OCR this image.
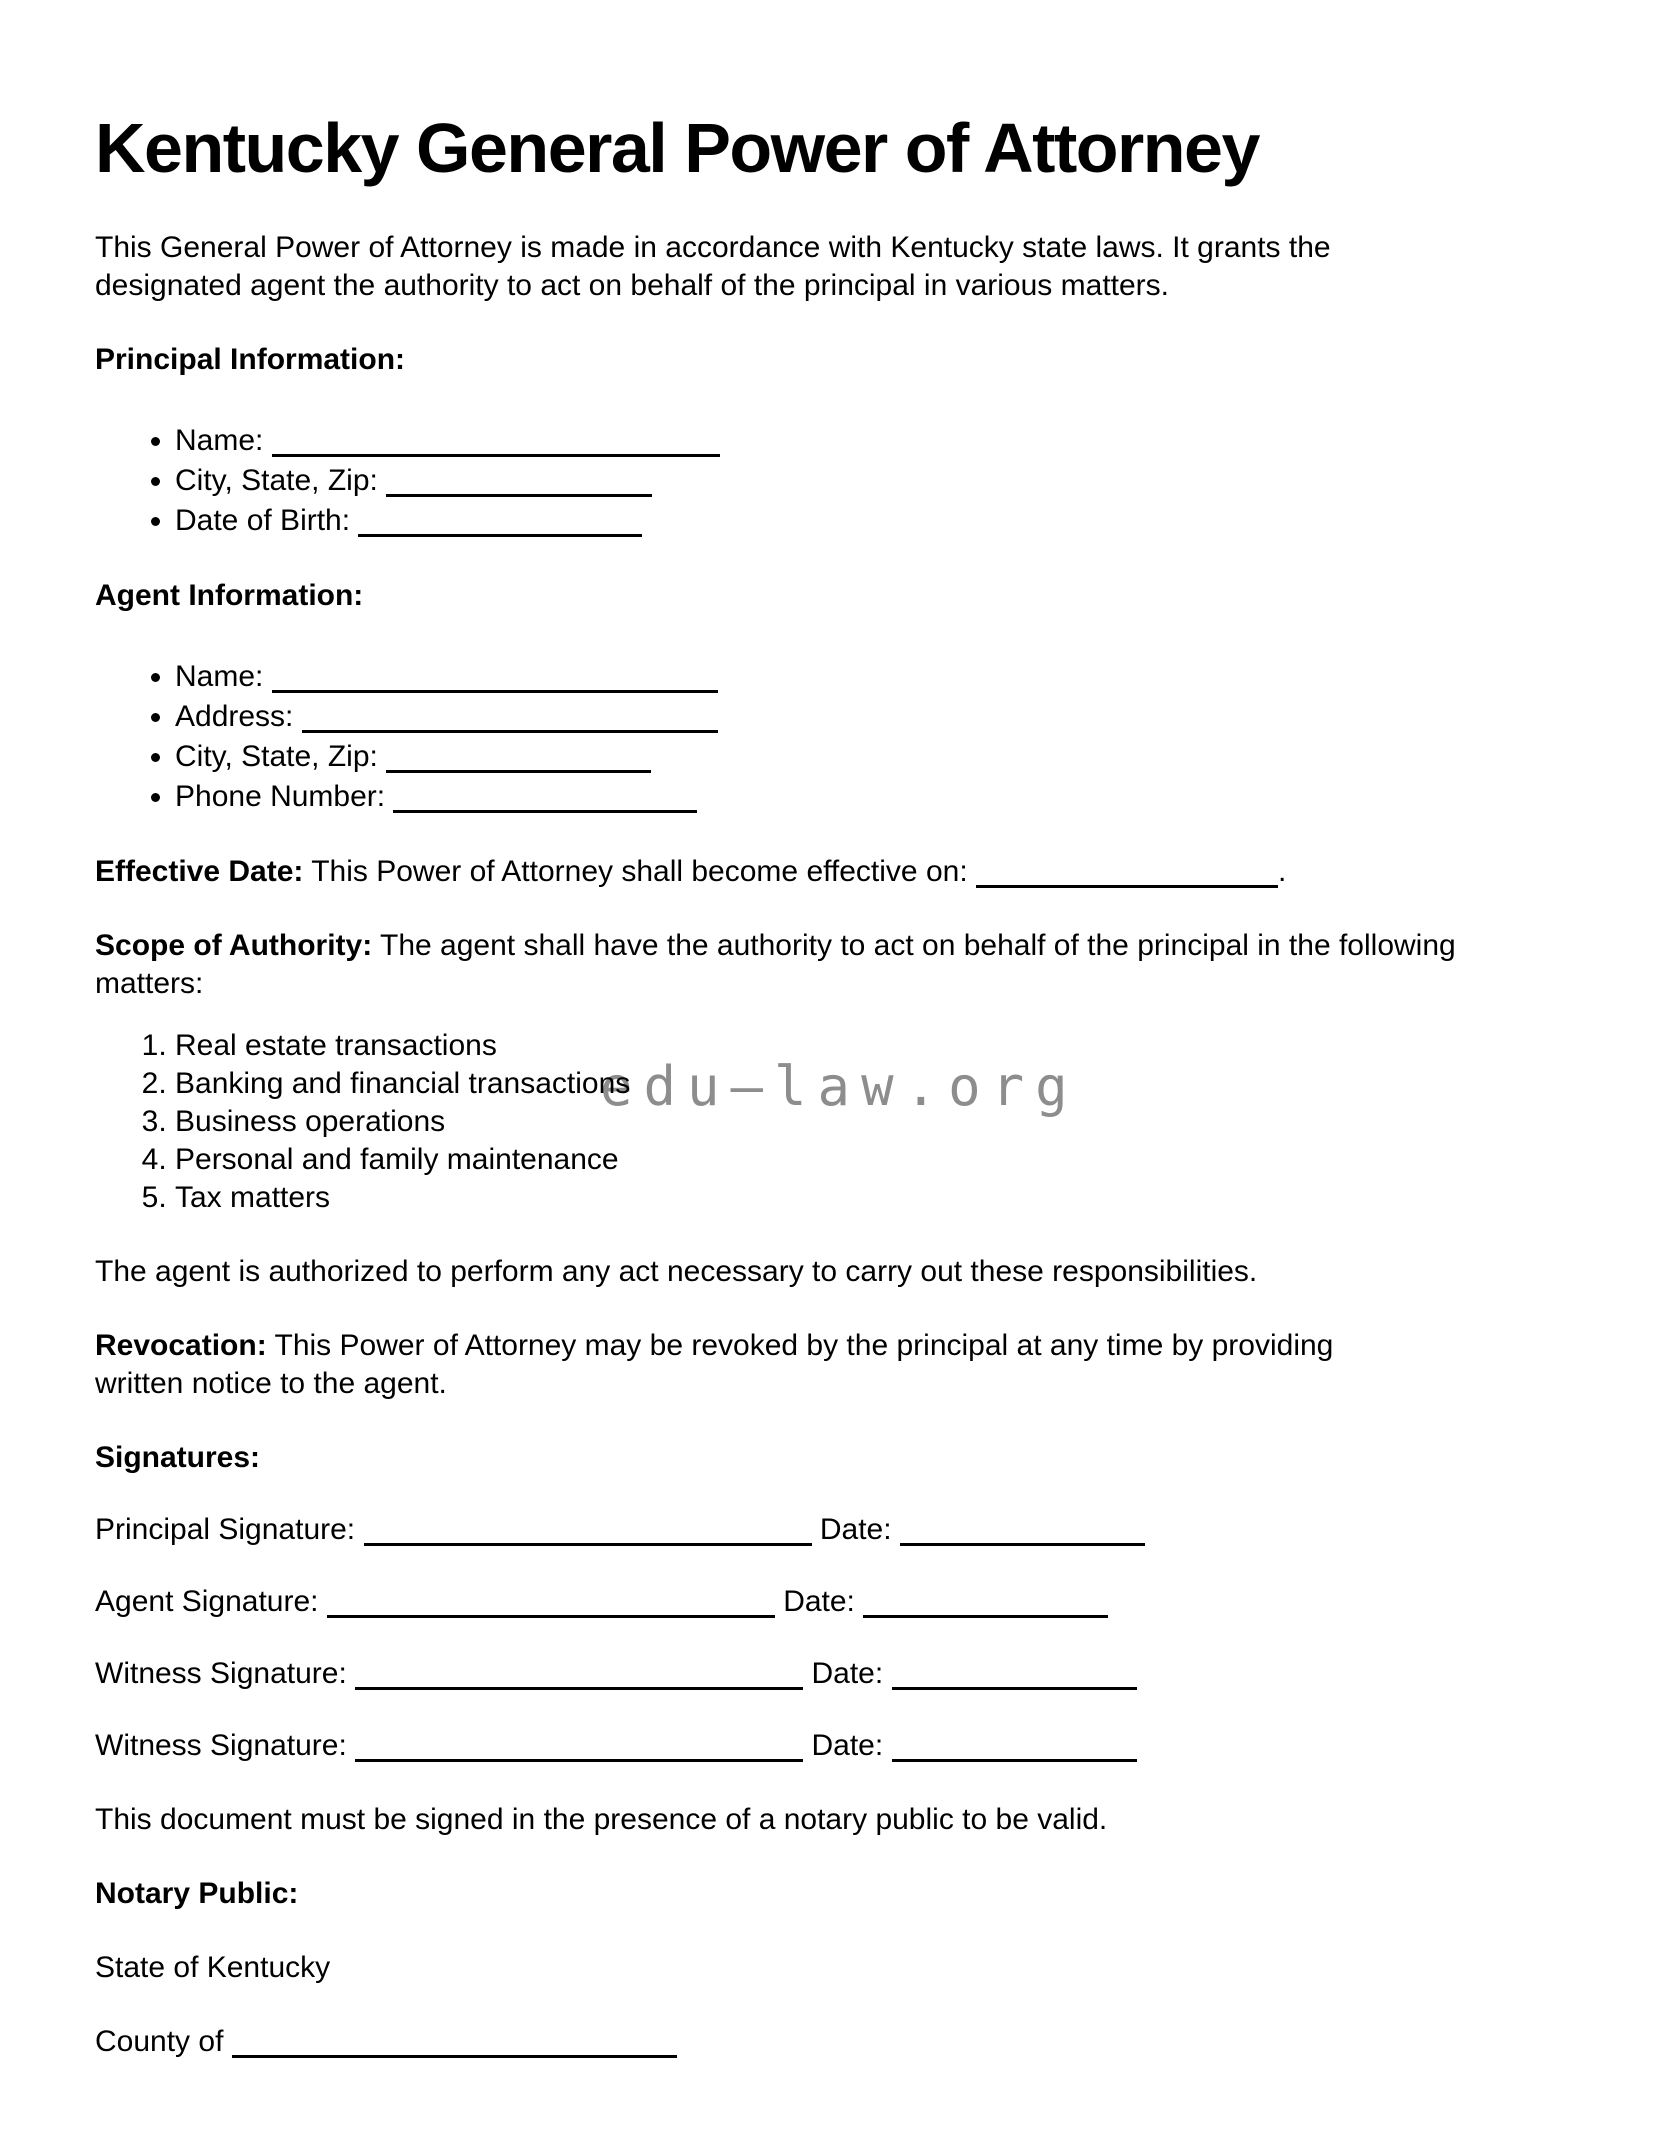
Kentucky General Power of Attorney

This General Power of Attorney is made in accordance with Kentucky state laws. It grants the designated agent the authority to act on behalf of the principal in various matters.

Principal Information:
• Name:
• City, State, Zip:
• Date of Birth:
Agent Information:
• Name:
• Address:
• City, State, Zip:
• Phone Number:

Effective Date: This Power of Attorney shall become effective on:	.

Scope of Authority: The agent shall have the authority to act on behalf of the principal in the following matters:

edu–law.org
1. Real estate transactions
2. Banking and financial transactions
3. Business operations
4. Personal and family maintenance
5. Tax matters

The agent is authorized to perform any act necessary to carry out these responsibilities.

Revocation: This Power of Attorney may be revoked by the principal at any time by providing written notice to the agent.

Signatures:

Principal Signature:	Date:

Agent Signature:	Date:

Witness Signature:	Date:

Witness Signature:	Date:

This document must be signed in the presence of a notary public to be valid.

Notary Public:

State of Kentucky

County of
